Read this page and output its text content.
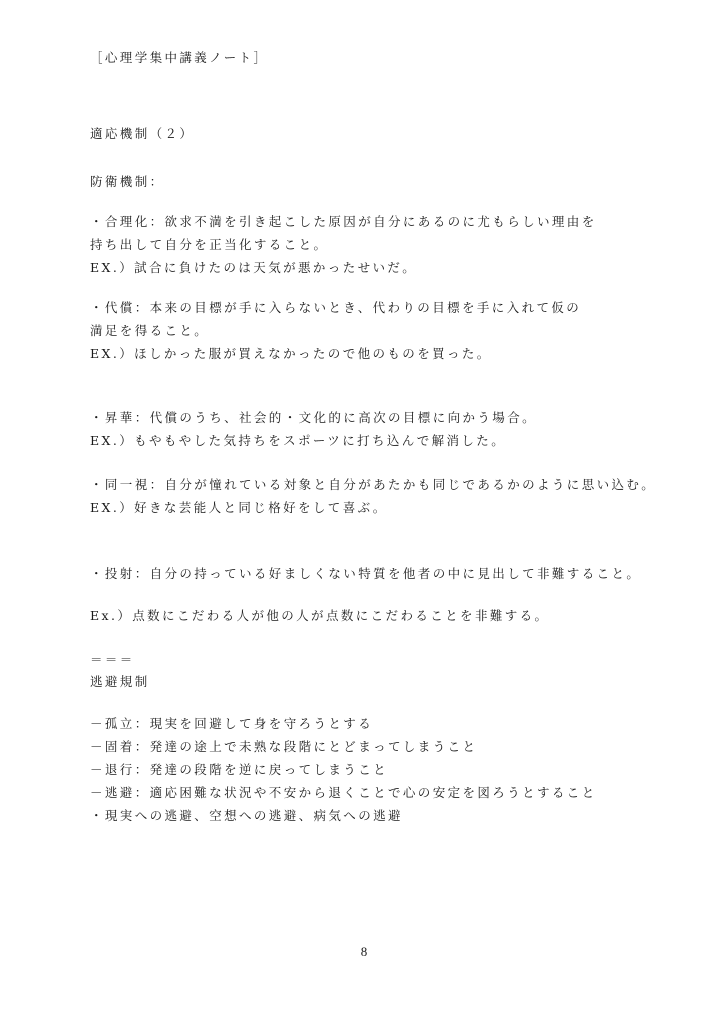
［心理学集中講義ノート］
適応機制（２）
防衛機制：
・合理化：欲求不満を引き起こした原因が自分にあるのに尤もらしい理由を
持ち出して自分を正当化すること。
EX.）試合に負けたのは天気が悪かったせいだ。
・代償：本来の目標が手に入らないとき、代わりの目標を手に入れて仮の
満足を得ること。
EX.）ほしかった服が買えなかったので他のものを買った。
・昇華：代償のうち、社会的・文化的に高次の目標に向かう場合。
EX.）もやもやした気持ちをスポーツに打ち込んで解消した。
・同一視：自分が憧れている対象と自分があたかも同じであるかのように思い込む。
EX.）好きな芸能人と同じ格好をして喜ぶ。
・投射：自分の持っている好ましくない特質を他者の中に見出して非難すること。
Ex.）点数にこだわる人が他の人が点数にこだわることを非難する。
＝＝＝
逃避規制
－孤立：現実を回避して身を守ろうとする
－固着：発達の途上で未熟な段階にとどまってしまうこと
－退行：発達の段階を逆に戻ってしまうこと
－逃避：適応困難な状況や不安から退くことで心の安定を図ろうとすること
・現実への逃避、空想への逃避、病気への逃避
8
